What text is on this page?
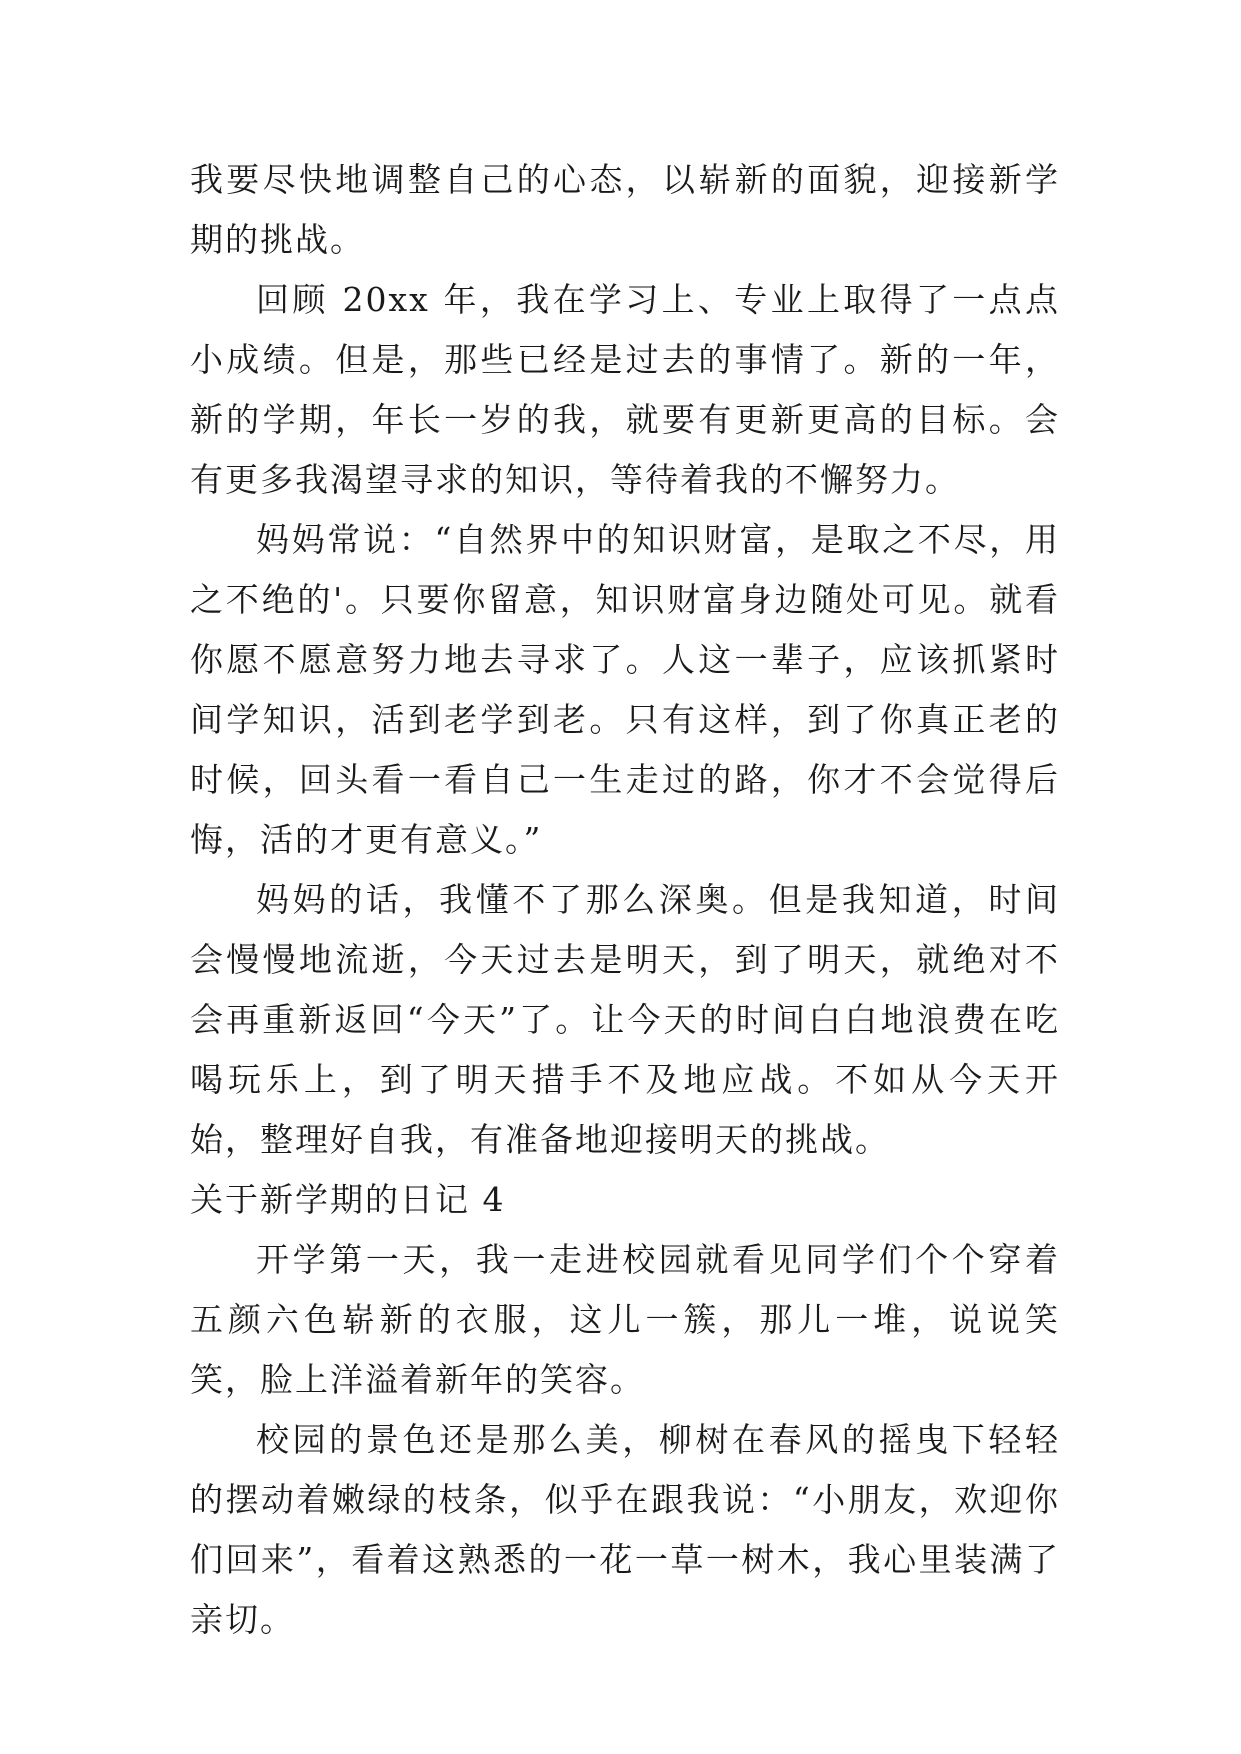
我要尽快地调整自己的心态，以崭新的面貌，迎接新学期的挑战。

回顾 20xx 年，我在学习上、专业上取得了一点点小成绩。但是，那些已经是过去的事情了。新的一年，新的学期，年长一岁的我，就要有更新更高的目标。会有更多我渴望寻求的知识，等待着我的不懈努力。

妈妈常说：“自然界中的知识财富，是取之不尽，用之不绝的'。只要你留意，知识财富身边随处可见。就看你愿不愿意努力地去寻求了。人这一辈子，应该抓紧时间学知识，活到老学到老。只有这样，到了你真正老的时候，回头看一看自己一生走过的路，你才不会觉得后悔，活的才更有意义。”

妈妈的话，我懂不了那么深奥。但是我知道，时间会慢慢地流逝，今天过去是明天，到了明天，就绝对不会再重新返回“今天”了。让今天的时间白白地浪费在吃喝玩乐上，到了明天措手不及地应战。不如从今天开始，整理好自我，有准备地迎接明天的挑战。

关于新学期的日记 4

开学第一天，我一走进校园就看见同学们个个穿着五颜六色崭新的衣服，这儿一簇，那儿一堆，说说笑笑，脸上洋溢着新年的笑容。

校园的景色还是那么美，柳树在春风的摇曳下轻轻的摆动着嫩绿的枝条，似乎在跟我说：“小朋友，欢迎你们回来”，看着这熟悉的一花一草一树木，我心里装满了亲切。
